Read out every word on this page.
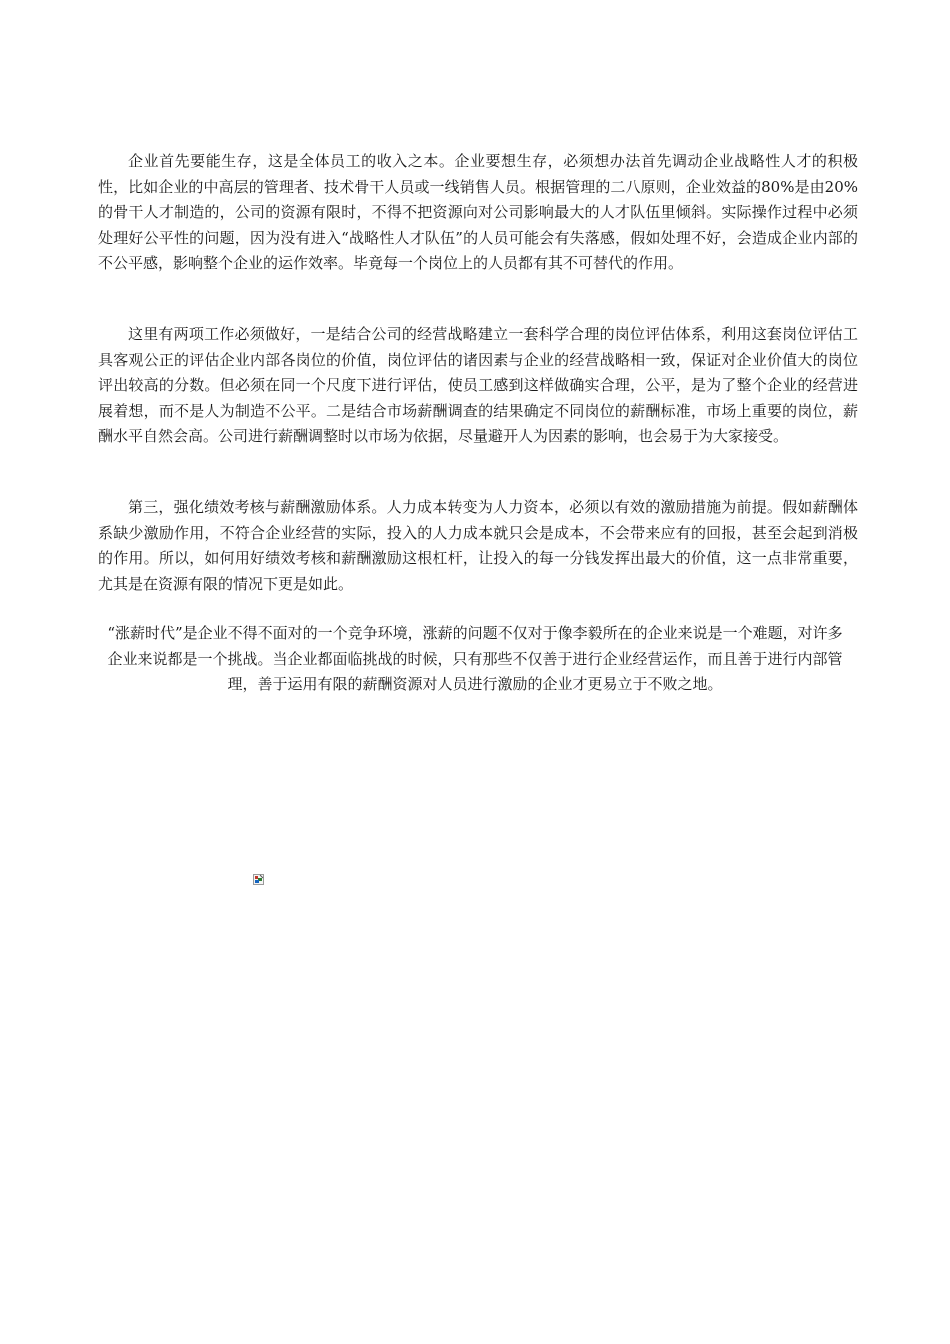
企业首先要能生存，这是全体员工的收入之本。企业要想生存，必须想办法首先调动企业战略性人才的积极性，比如企业的中高层的管理者、技术骨干人员或一线销售人员。根据管理的二八原则，企业效益的80%是由20%的骨干人才制造的，公司的资源有限时，不得不把资源向对公司影响最大的人才队伍里倾斜。实际操作过程中必须处理好公平性的问题，因为没有进入“战略性人才队伍”的人员可能会有失落感，假如处理不好，会造成企业内部的不公平感，影响整个企业的运作效率。毕竟每一个岗位上的人员都有其不可替代的作用。

这里有两项工作必须做好，一是结合公司的经营战略建立一套科学合理的岗位评估体系，利用这套岗位评估工具客观公正的评估企业内部各岗位的价值，岗位评估的诸因素与企业的经营战略相一致，保证对企业价值大的岗位评出较高的分数。但必须在同一个尺度下进行评估，使员工感到这样做确实合理，公平，是为了整个企业的经营进展着想，而不是人为制造不公平。二是结合市场薪酬调查的结果确定不同岗位的薪酬标准，市场上重要的岗位，薪酬水平自然会高。公司进行薪酬调整时以市场为依据，尽量避开人为因素的影响，也会易于为大家接受。

第三，强化绩效考核与薪酬激励体系。人力成本转变为人力资本，必须以有效的激励措施为前提。假如薪酬体系缺少激励作用，不符合企业经营的实际，投入的人力成本就只会是成本，不会带来应有的回报，甚至会起到消极的作用。所以，如何用好绩效考核和薪酬激励这根杠杆，让投入的每一分钱发挥出最大的价值，这一点非常重要，尤其是在资源有限的情况下更是如此。

“涨薪时代”是企业不得不面对的一个竞争环境，涨薪的问题不仅对于像李毅所在的企业来说是一个难题，对许多企业来说都是一个挑战。当企业都面临挑战的时候，只有那些不仅善于进行企业经营运作，而且善于进行内部管理，善于运用有限的薪酬资源对人员进行激励的企业才更易立于不败之地。
